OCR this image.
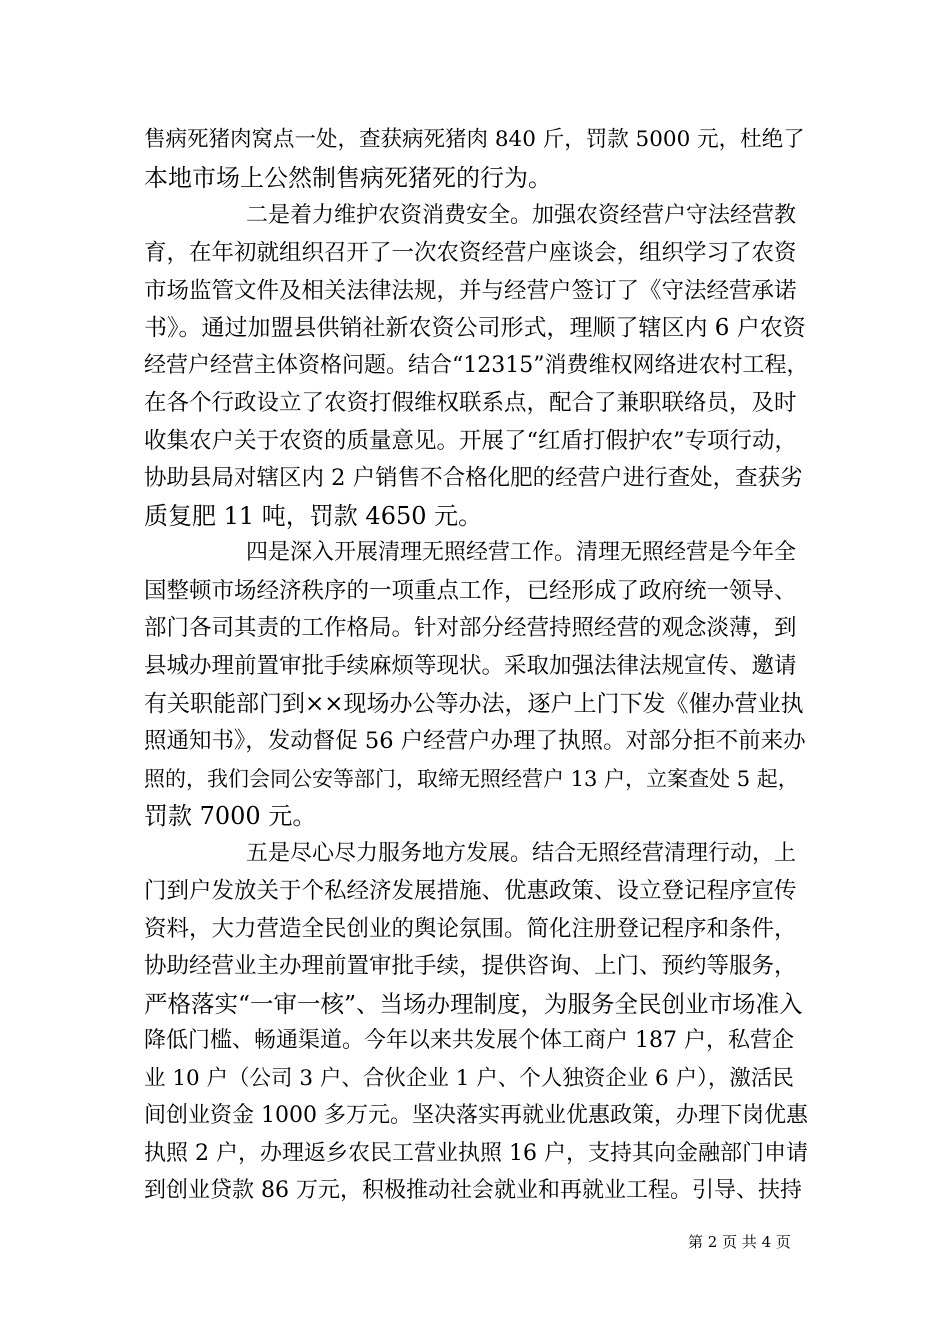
售病死猪肉窝点一处，查获病死猪肉 840 斤，罚款 5000 元，杜绝了
本地市场上公然制售病死猪死的行为。
二是着力维护农资消费安全。加强农资经营户守法经营教
育，在年初就组织召开了一次农资经营户座谈会，组织学习了农资
市场监管文件及相关法律法规，并与经营户签订了《守法经营承诺
书》。通过加盟县供销社新农资公司形式，理顺了辖区内 6 户农资
经营户经营主体资格问题。结合“12315”消费维权网络进农村工程，
在各个行政设立了农资打假维权联系点，配合了兼职联络员，及时
收集农户关于农资的质量意见。开展了“红盾打假护农”专项行动，
协助县局对辖区内 2 户销售不合格化肥的经营户进行查处，查获劣
质复肥 11 吨，罚款 4650 元。
四是深入开展清理无照经营工作。清理无照经营是今年全
国整顿市场经济秩序的一项重点工作，已经形成了政府统一领导、
部门各司其责的工作格局。针对部分经营持照经营的观念淡薄，到
县城办理前置审批手续麻烦等现状。采取加强法律法规宣传、邀请
有关职能部门到××现场办公等办法，逐户上门下发《催办营业执
照通知书》，发动督促 56 户经营户办理了执照。对部分拒不前来办
照的，我们会同公安等部门，取缔无照经营户 13 户，立案查处 5 起，
罚款 7000 元。
五是尽心尽力服务地方发展。结合无照经营清理行动，上
门到户发放关于个私经济发展措施、优惠政策、设立登记程序宣传
资料，大力营造全民创业的舆论氛围。简化注册登记程序和条件，
协助经营业主办理前置审批手续，提供咨询、上门、预约等服务，
严格落实“一审一核”、当场办理制度，为服务全民创业市场准入
降低门槛、畅通渠道。今年以来共发展个体工商户 187 户，私营企
业 10 户（公司 3 户、合伙企业 1 户、个人独资企业 6 户），激活民
间创业资金 1000 多万元。坚决落实再就业优惠政策，办理下岗优惠
执照 2 户，办理返乡农民工营业执照 16 户，支持其向金融部门申请
到创业贷款 86 万元，积极推动社会就业和再就业工程。引导、扶持
第 2 页 共 4 页
